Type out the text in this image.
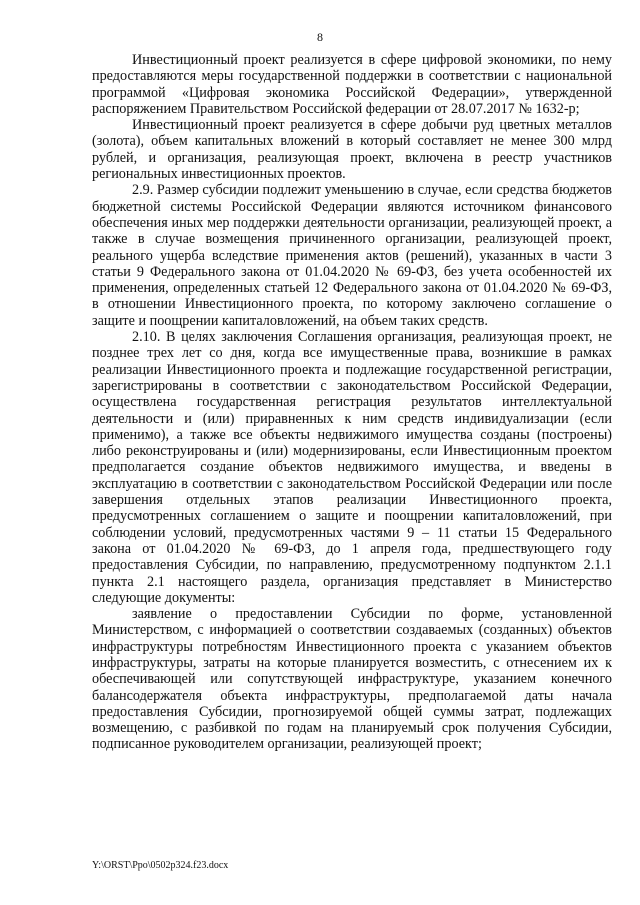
8

Инвестиционный проект реализуется в сфере цифровой экономики, по нему предоставляются меры государственной поддержки в соответствии с национальной программой «Цифровая экономика Российской Федерации», утвержденной распоряжением Правительством Российской федерации от 28.07.2017 № 1632-р;

Инвестиционный проект реализуется в сфере добычи руд цветных металлов (золота), объем капитальных вложений в который составляет не менее 300 млрд рублей, и организация, реализующая проект, включена в реестр участников региональных инвестиционных проектов.

2.9. Размер субсидии подлежит уменьшению в случае, если средства бюджетов бюджетной системы Российской Федерации являются источником финансового обеспечения иных мер поддержки деятельности организации, реализующей проект, а также в случае возмещения причиненного организации, реализующей проект, реального ущерба вследствие применения актов (решений), указанных в части 3 статьи 9 Федерального закона от 01.04.2020 № 69-ФЗ, без учета особенностей их применения, определенных статьей 12 Федерального закона от 01.04.2020 № 69-ФЗ, в отношении Инвестиционного проекта, по которому заключено соглашение о защите и поощрении капиталовложений, на объем таких средств.

2.10. В целях заключения Соглашения организация, реализующая проект, не позднее трех лет со дня, когда все имущественные права, возникшие в рамках реализации Инвестиционного проекта и подлежащие государственной регистрации, зарегистрированы в соответствии с законодательством Российской Федерации, осуществлена государственная регистрация результатов интеллектуальной деятельности и (или) приравненных к ним средств индивидуализации (если применимо), а также все объекты недвижимого имущества созданы (построены) либо реконструированы и (или) модернизированы, если Инвестиционным проектом предполагается создание объектов недвижимого имущества, и введены в эксплуатацию в соответствии с законодательством Российской Федерации или после завершения отдельных этапов реализации Инвестиционного проекта, предусмотренных соглашением о защите и поощрении капиталовложений, при соблюдении условий, предусмотренных частями 9 – 11 статьи 15 Федерального закона от 01.04.2020 № 69-ФЗ, до 1 апреля года, предшествующего году предоставления Субсидии, по направлению, предусмотренному подпунктом 2.1.1 пункта 2.1 настоящего раздела, организация представляет в Министерство следующие документы:

заявление о предоставлении Субсидии по форме, установленной Министерством, с информацией о соответствии создаваемых (созданных) объектов инфраструктуры потребностям Инвестиционного проекта с указанием объектов инфраструктуры, затраты на которые планируется возместить, с отнесением их к обеспечивающей или сопутствующей инфраструктуре, указанием конечного балансодержателя объекта инфраструктуры, предполагаемой даты начала предоставления Субсидии, прогнозируемой общей суммы затрат, подлежащих возмещению, с разбивкой по годам на планируемый срок получения Субсидии, подписанное руководителем организации, реализующей проект;

Y:\ORST\Ppo\0502p324.f23.docx
